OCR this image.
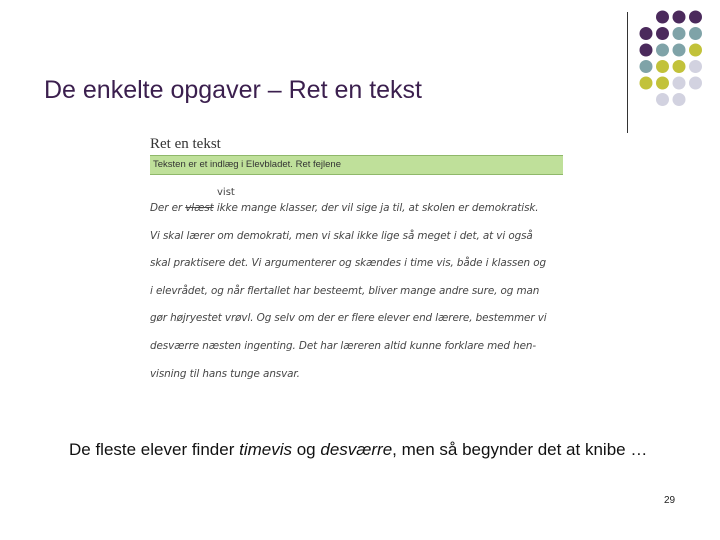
De enkelte opgaver – Ret en tekst
Ret en tekst
Teksten er et indlæg i Elevbladet. Ret fejlene
vist
Der er vlæst ikke mange klasser, der vil sige ja til, at skolen er demokratisk.
Vi skal lærer om demokrati, men vi skal ikke lige så meget i det, at vi også
skal praktisere det. Vi argumenterer og skændes i time vis, både i klassen og
i elevrådet, og når flertallet har besteemt, bliver mange andre sure, og man
gør højryestet vrøvl. Og selv om der er flere elever end lærere, bestemmer vi
desværre næsten ingenting. Det har læreren altid kunne forklare med hen-
visning til hans tunge ansvar.
De fleste elever finder timevis og desværre, men så begynder det at knibe …
29
